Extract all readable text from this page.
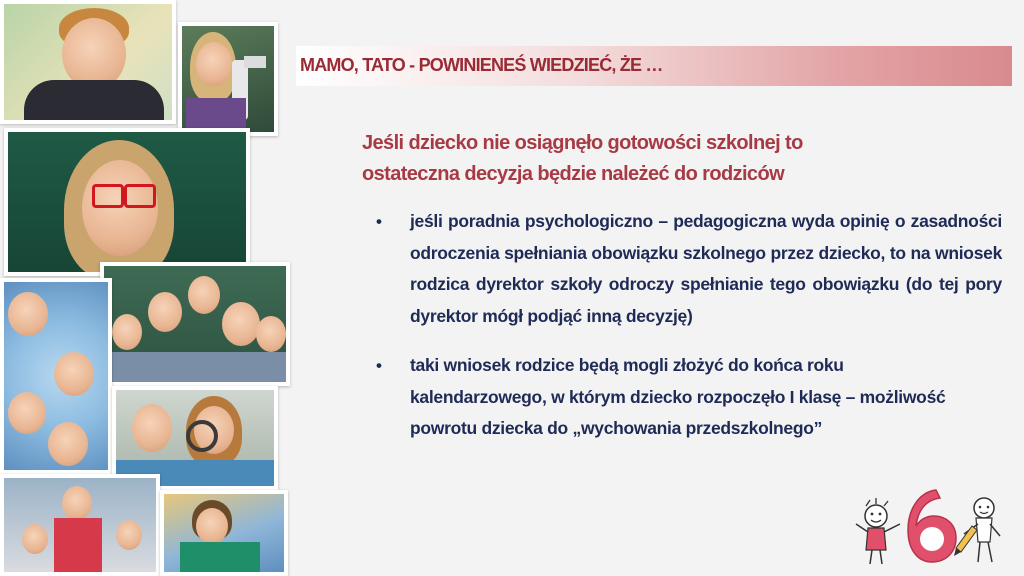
MAMO, TATO - POWINIENEŚ WIEDZIEĆ, ŻE …
Jeśli dziecko nie osiągnęło gotowości szkolnej to
ostateczna decyzja będzie należeć do rodziców
• jeśli poradnia psychologiczno – pedagogiczna wyda opinię o zasadności odroczenia spełniania obowiązku szkolnego przez dziecko, to na wniosek rodzica dyrektor szkoły odroczy spełnianie tego obowiązku (do tej pory dyrektor mógł podjąć inną decyzję)
• taki wniosek rodzice będą mogli złożyć do końca roku kalendarzowego, w którym dziecko rozpoczęło I klasę – możliwość powrotu dziecka do „wychowania przedszkolnego”
